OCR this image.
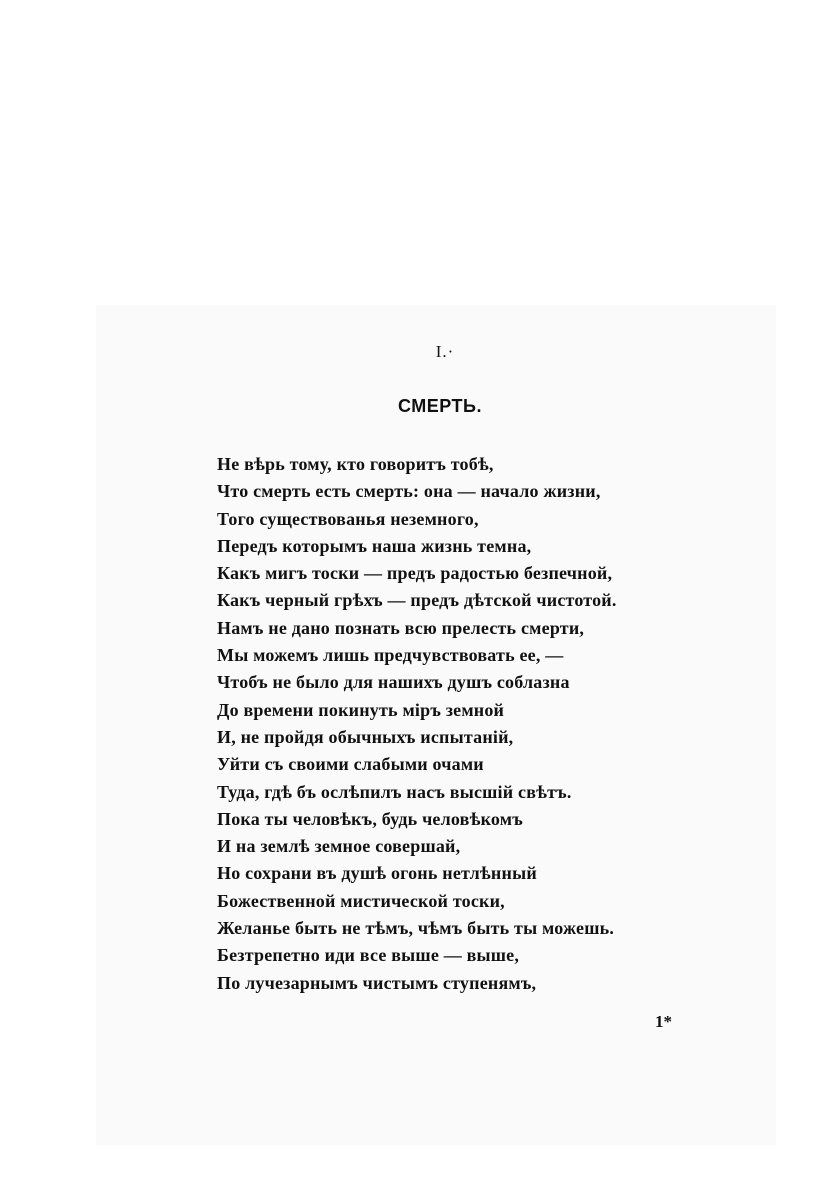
I.·
СМЕРТЬ.
Не вѣрь тому, кто говоритъ тобѣ,
Что смерть есть смерть: она — начало жизни,
Того существованья неземного,
Передъ которымъ наша жизнь темна,
Какъ мигъ тоски — предъ радостью безпечной,
Какъ черный грѣхъ — предъ дѣтской чистотой.
Намъ не дано познать всю прелесть смерти,
Мы можемъ лишь предчувствовать ее, —
Чтобъ не было для нашихъ душъ соблазна
До времени покинуть міръ земной
И, не пройдя обычныхъ испытаній,
Уйти съ своими слабыми очами
Туда, гдѣ бъ ослѣпилъ насъ высшій свѣтъ.
Пока ты человѣкъ, будь человѣкомъ
И на землѣ земное совершай,
Но сохрани въ душѣ огонь нетлѣнный
Божественной мистической тоски,
Желанье быть не тѣмъ, чѣмъ быть ты можешь.
Безтрепетно иди все выше — выше,
По лучезарнымъ чистымъ ступенямъ,
1*
